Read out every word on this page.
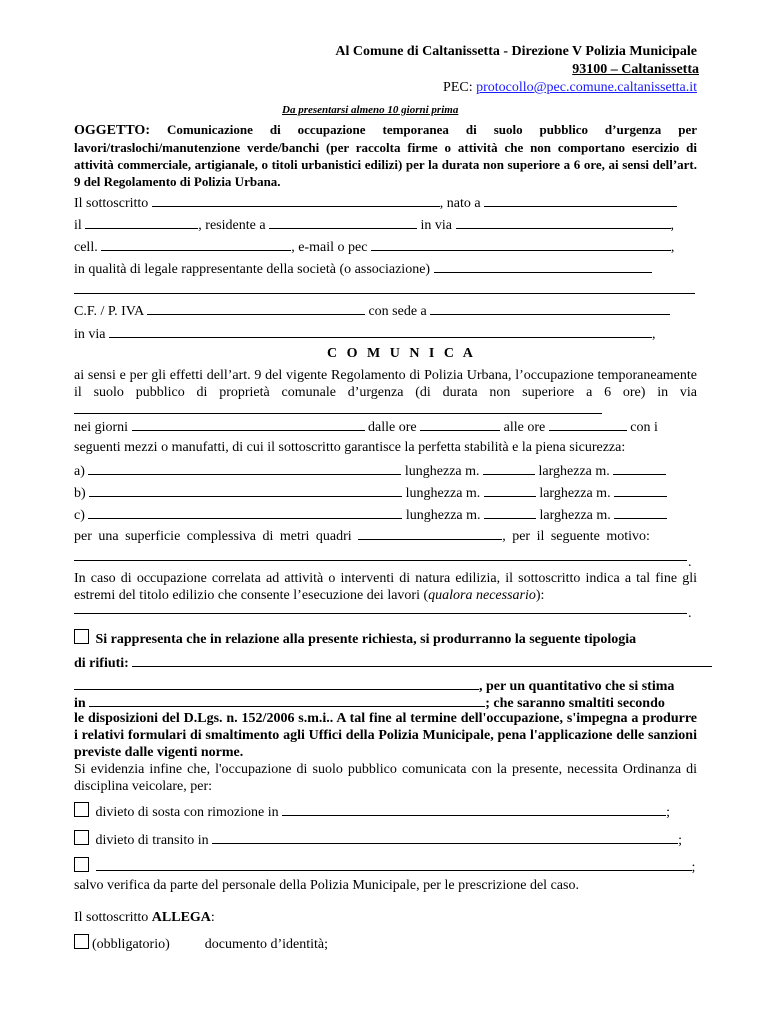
Al Comune di Caltanissetta - Direzione V Polizia Municipale
93100 – Caltanissetta
PEC: protocollo@pec.comune.caltanissetta.it
Da presentarsi almeno 10 giorni prima
OGGETTO: Comunicazione di occupazione temporanea di suolo pubblico d’urgenza per lavori/traslochi/manutenzione verde/banchi (per raccolta firme o attività che non comportano esercizio di attività commerciale, artigianale, o titoli urbanistici edilizi) per la durata non superiore a 6 ore, ai sensi dell’art. 9 del Regolamento di Polizia Urbana.
Il sottoscritto	, nato a
il	, residente a	in via	,
cell.	, e-mail o pec	,
in qualità di legale rappresentante della società (o associazione)
C.F. / P. IVA	con sede a
in via	,
C O M U N I C A
ai sensi e per gli effetti dell’art. 9 del vigente Regolamento di Polizia Urbana, l’occupazione temporaneamente il suolo pubblico di proprietà comunale d’urgenza (di durata non superiore a 6 ore) in via
nei giorni	dalle ore	alle ore	con i
seguenti mezzi o manufatti, di cui il sottoscritto garantisce la perfetta stabilità e la piena sicurezza:
a)	lunghezza m.	larghezza m.
b)	lunghezza m.	larghezza m.
c)	lunghezza m.	larghezza m.
per una superficie complessiva di metri quadri	, per il seguente motivo:
.
In caso di occupazione correlata ad attività o interventi di natura edilizia, il sottoscritto indica a tal fine gli estremi del titolo edilizio che consente l’esecuzione dei lavori (qualora necessario):
.
Si rappresenta che in relazione alla presente richiesta, si produrranno la seguente tipologia
di rifiuti:
, per un quantitativo che si stima
in	; che saranno smaltiti secondo
le disposizioni del D.Lgs. n. 152/2006 s.m.i.. A tal fine al termine dell'occupazione, s'impegna a produrre i relativi formulari di smaltimento agli Uffici della Polizia Municipale, pena l'applicazione delle sanzioni previste dalle vigenti norme.
Si evidenzia infine che, l'occupazione di suolo pubblico comunicata con la presente, necessita Ordinanza di disciplina veicolare, per:
divieto di sosta con rimozione in	;
divieto di transito in	;
;
salvo verifica da parte del personale della Polizia Municipale, per le prescrizione del caso.
Il sottoscritto ALLEGA:
(obbligatorio)	documento d’identità;
